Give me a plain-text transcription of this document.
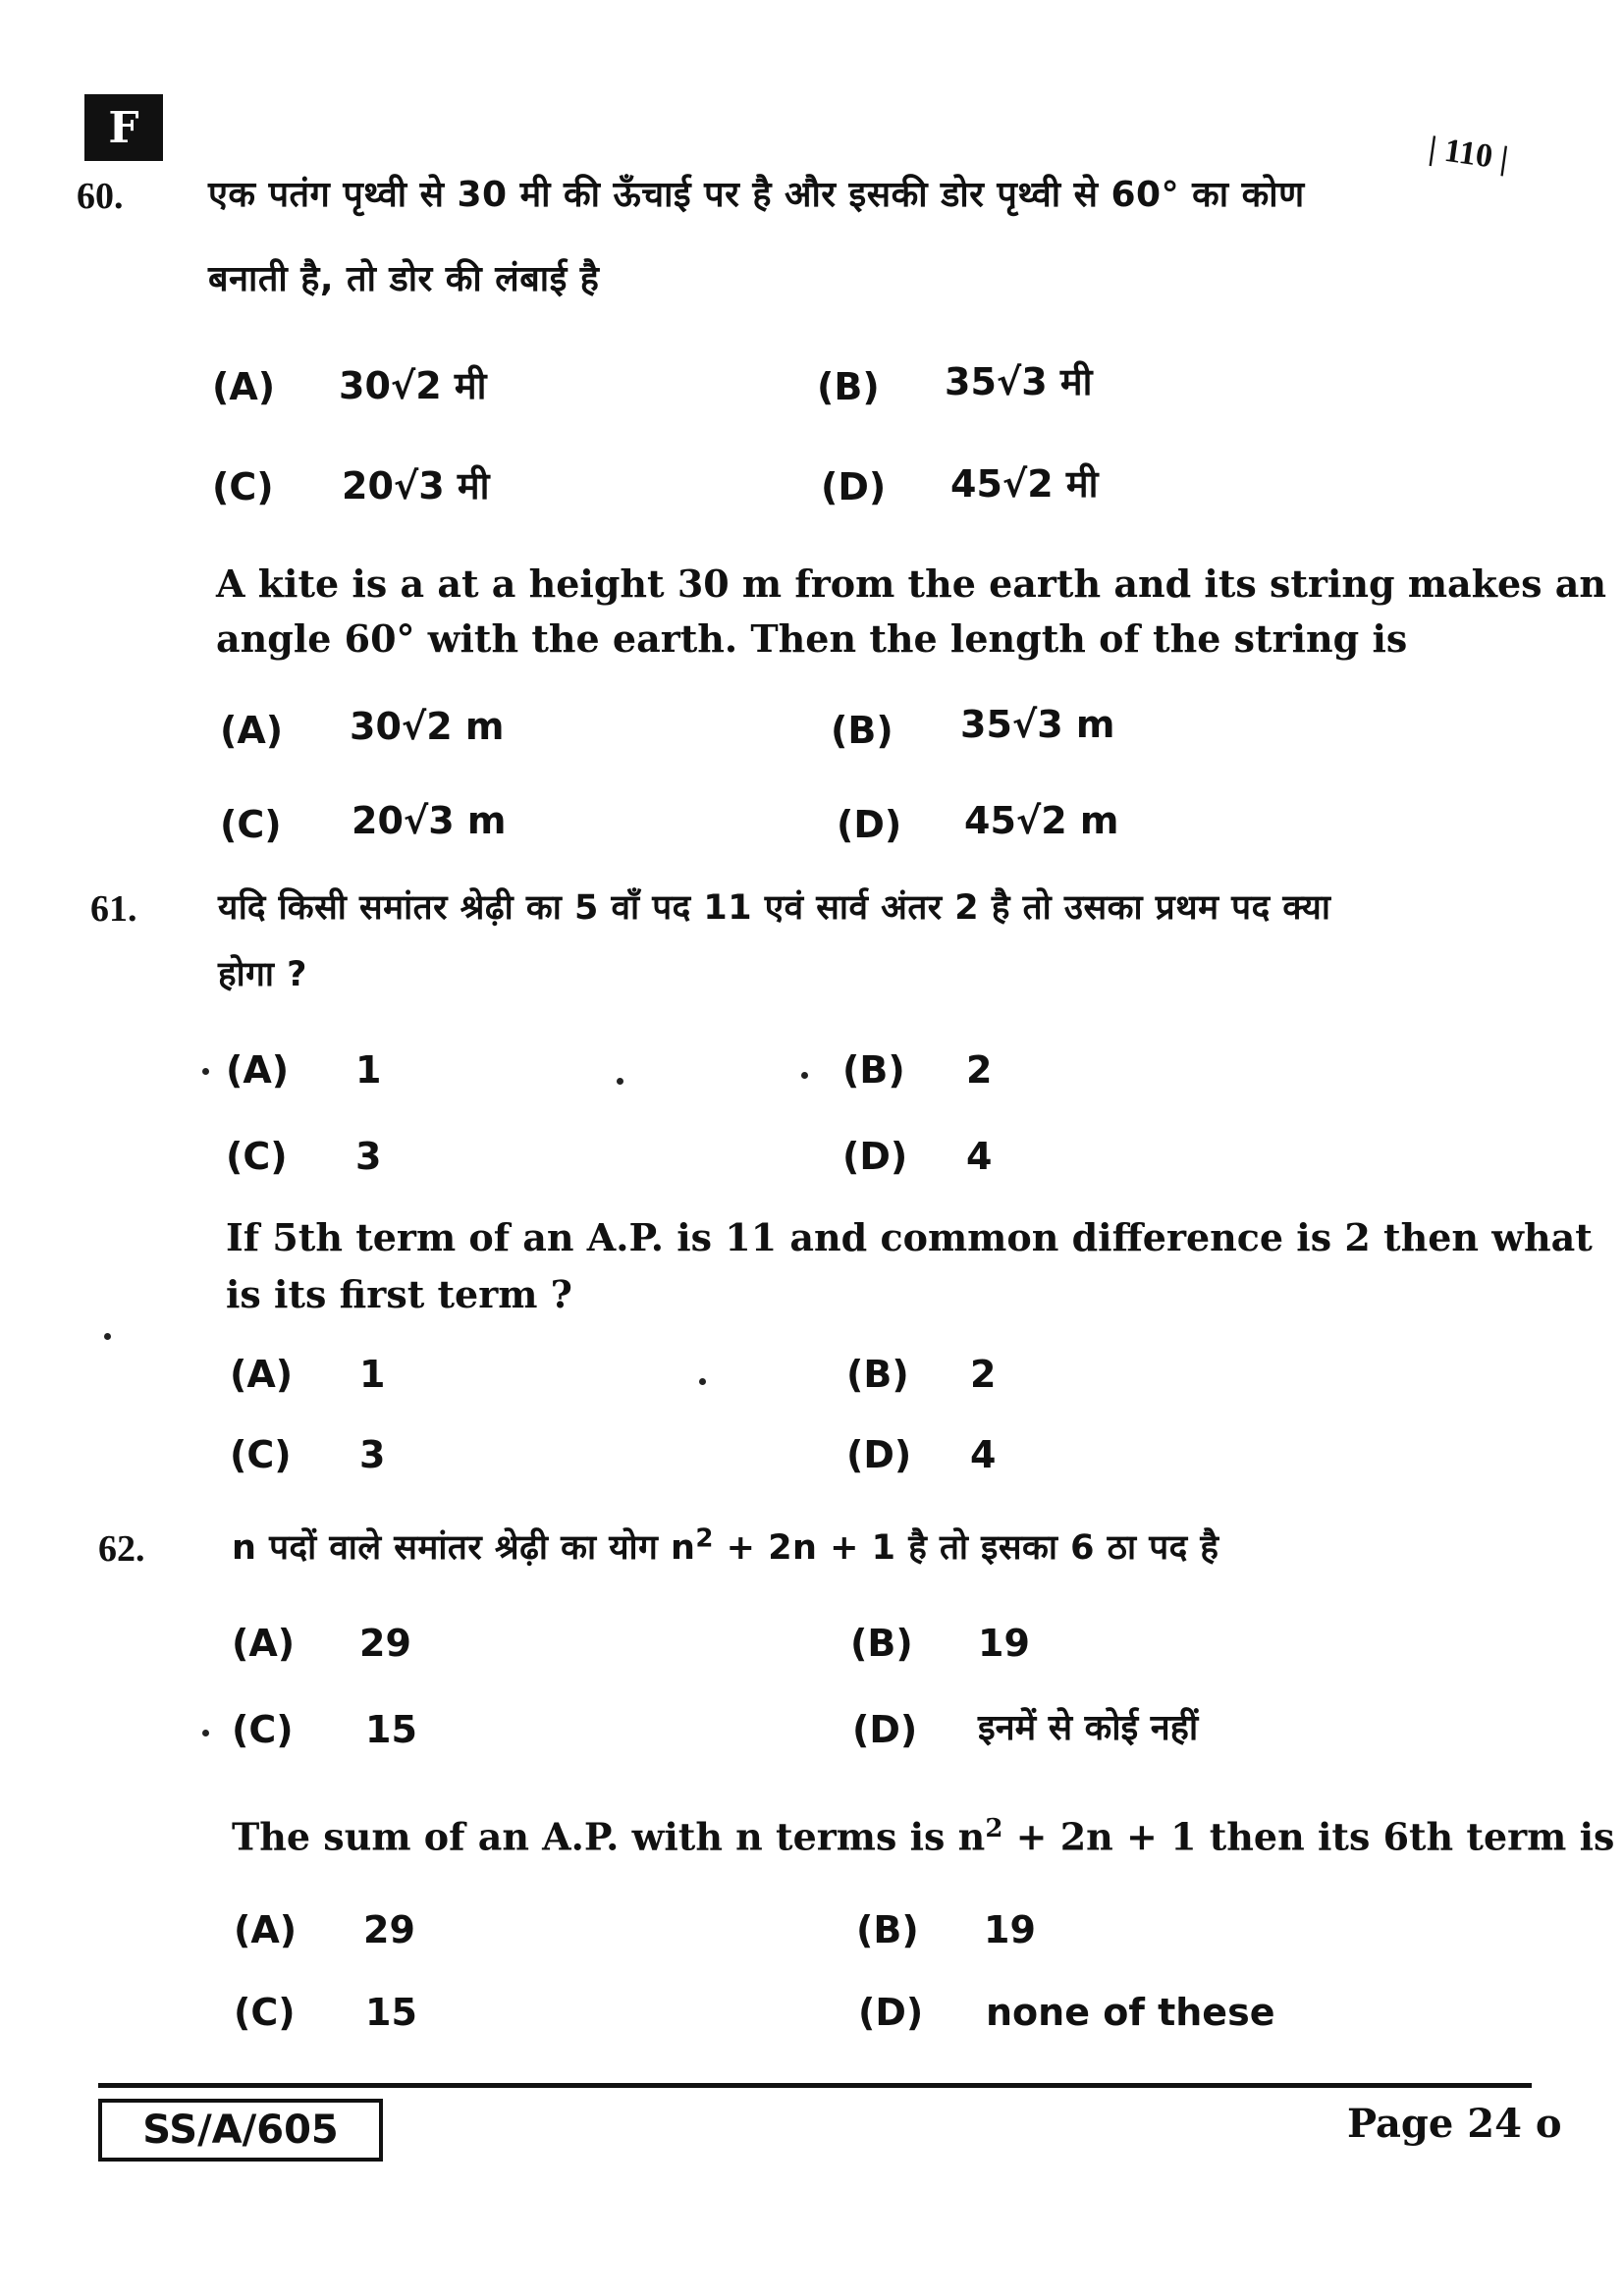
F
| 110 |
60. एक पतंग पृथ्वी से 30 मी की ऊँचाई पर है और इसकी डोर पृथ्वी से 60° का कोण
बनाती है, तो डोर की लंबाई है
(A) 30√2 मी	(B) 35√3 मी
(C) 20√3 मी	(D) 45√2 मी
A kite is a at a height 30 m from the earth and its string makes an
angle 60° with the earth. Then the length of the string is
(A) 30√2 m	(B) 35√3 m
(C) 20√3 m	(D) 45√2 m
61. यदि किसी समांतर श्रेढ़ी का 5 वाँ पद 11 एवं सार्व अंतर 2 है तो उसका प्रथम पद क्या
होगा ?
(A) 1	(B) 2
(C) 3	(D) 4
If 5th term of an A.P. is 11 and common difference is 2 then what
is its first term ?
(A) 1	(B) 2
(C) 3	(D) 4
62.	n पदों वाले समांतर श्रेढ़ी का योग $n^2 + 2n + 1$ है तो इसका 6 ठा पद है
(A) 29	(B) 19
(C) 15	(D) इनमें से कोई नहीं
The sum of an A.P. with n terms is $n^2 + 2n + 1$ then its 6th term is
(A) 29	(B) 19
(C) 15	(D) none of these
SS/A/605	Page 24 o
